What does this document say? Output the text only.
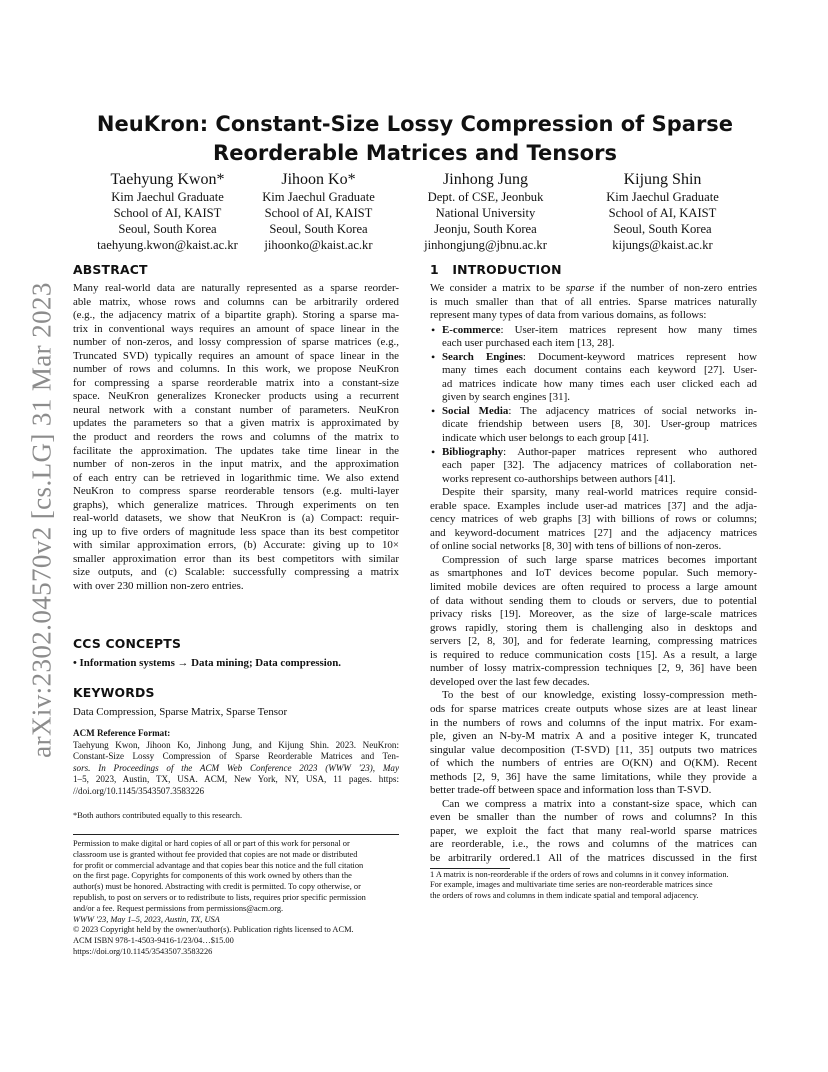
arXiv:2302.04570v2 [cs.LG] 31 Mar 2023
NeuKron: Constant-Size Lossy Compression of Sparse
Reorderable Matrices and Tensors
Taehyung Kwon*
Kim Jaechul Graduate
School of AI, KAIST
Seoul, South Korea
taehyung.kwon@kaist.ac.kr
Jihoon Ko*
Kim Jaechul Graduate
School of AI, KAIST
Seoul, South Korea
jihoonko@kaist.ac.kr
Jinhong Jung
Dept. of CSE, Jeonbuk
National University
Jeonju, South Korea
jinhongjung@jbnu.ac.kr
Kijung Shin
Kim Jaechul Graduate
School of AI, KAIST
Seoul, South Korea
kijungs@kaist.ac.kr
ABSTRACT

Many real-world data are naturally represented as a sparse reorder-
able matrix, whose rows and columns can be arbitrarily ordered
(e.g., the adjacency matrix of a bipartite graph). Storing a sparse ma-
trix in conventional ways requires an amount of space linear in the
number of non-zeros, and lossy compression of sparse matrices (e.g.,
Truncated SVD) typically requires an amount of space linear in the
number of rows and columns. In this work, we propose NeuKron
for compressing a sparse reorderable matrix into a constant-size
space. NeuKron generalizes Kronecker products using a recurrent
neural network with a constant number of parameters. NeuKron
updates the parameters so that a given matrix is approximated by
the product and reorders the rows and columns of the matrix to
facilitate the approximation. The updates take time linear in the
number of non-zeros in the input matrix, and the approximation
of each entry can be retrieved in logarithmic time. We also extend
NeuKron to compress sparse reorderable tensors (e.g. multi-layer
graphs), which generalize matrices. Through experiments on ten
real-world datasets, we show that NeuKron is (a) Compact: requir-
ing up to five orders of magnitude less space than its best competitor
with similar approximation errors, (b) Accurate: giving up to 10×
smaller approximation error than its best competitors with similar
size outputs, and (c) Scalable: successfully compressing a matrix
with over 230 million non-zero entries.

CCS CONCEPTS

• Information systems → Data mining; Data compression.

KEYWORDS

Data Compression, Sparse Matrix, Sparse Tensor

ACM Reference Format:
Taehyung Kwon, Jihoon Ko, Jinhong Jung, and Kijung Shin. 2023. NeuKron:
Constant-Size Lossy Compression of Sparse Reorderable Matrices and Ten-
sors. In Proceedings of the ACM Web Conference 2023 (WWW '23), May
1–5, 2023, Austin, TX, USA. ACM, New York, NY, USA, 11 pages. https:
//doi.org/10.1145/3543507.3583226
*Both authors contributed equally to this research.
Permission to make digital or hard copies of all or part of this work for personal or
classroom use is granted without fee provided that copies are not made or distributed
for profit or commercial advantage and that copies bear this notice and the full citation
on the first page. Copyrights for components of this work owned by others than the
author(s) must be honored. Abstracting with credit is permitted. To copy otherwise, or
republish, to post on servers or to redistribute to lists, requires prior specific permission
and/or a fee. Request permissions from permissions@acm.org.
WWW '23, May 1–5, 2023, Austin, TX, USA
© 2023 Copyright held by the owner/author(s). Publication rights licensed to ACM.
ACM ISBN 978-1-4503-9416-1/23/04…$15.00
https://doi.org/10.1145/3543507.3583226
1   INTRODUCTION

We consider a matrix to be sparse if the number of non-zero entries
is much smaller than that of all entries. Sparse matrices naturally
represent many types of data from various domains, as follows:

• E-commerce: User-item matrices represent how many times
each user purchased each item [13, 28].
• Search Engines: Document-keyword matrices represent how
many times each document contains each keyword [27]. User-
ad matrices indicate how many times each user clicked each ad
given by search engines [31].
• Social Media: The adjacency matrices of social networks in-
dicate friendship between users [8, 30]. User-group matrices
indicate which user belongs to each group [41].
• Bibliography: Author-paper matrices represent who authored
each paper [32]. The adjacency matrices of collaboration net-
works represent co-authorships between authors [41].

Despite their sparsity, many real-world matrices require consid-
erable space. Examples include user-ad matrices [37] and the adja-
cency matrices of web graphs [3] with billions of rows or columns;
and keyword-document matrices [27] and the adjacency matrices
of online social networks [8, 30] with tens of billions of non-zeros.

Compression of such large sparse matrices becomes important
as smartphones and IoT devices become popular. Such memory-
limited mobile devices are often required to process a large amount
of data without sending them to clouds or servers, due to potential
privacy risks [19]. Moreover, as the size of large-scale matrices
grows rapidly, storing them is challenging also in desktops and
servers [2, 8, 30], and for federate learning, compressing matrices
is required to reduce communication costs [15]. As a result, a large
number of lossy matrix-compression techniques [2, 9, 36] have been
developed over the last few decades.

To the best of our knowledge, existing lossy-compression meth-
ods for sparse matrices create outputs whose sizes are at least linear
in the numbers of rows and columns of the input matrix. For exam-
ple, given an N-by-M matrix A and a positive integer K, truncated
singular value decomposition (T-SVD) [11, 35] outputs two matrices
of which the numbers of entries are O(KN) and O(KM). Recent
methods [2, 9, 36] have the same limitations, while they provide a
better trade-off between space and information loss than T-SVD.

Can we compress a matrix into a constant-size space, which can
even be smaller than the number of rows and columns? In this
paper, we exploit the fact that many real-world sparse matrices
are reorderable, i.e., the rows and columns of the matrices can
be arbitrarily ordered.1 All of the matrices discussed in the first

1 A matrix is non-reorderable if the orders of rows and columns in it convey information.
For example, images and multivariate time series are non-reorderable matrices since
the orders of rows and columns in them indicate spatial and temporal adjacency.
